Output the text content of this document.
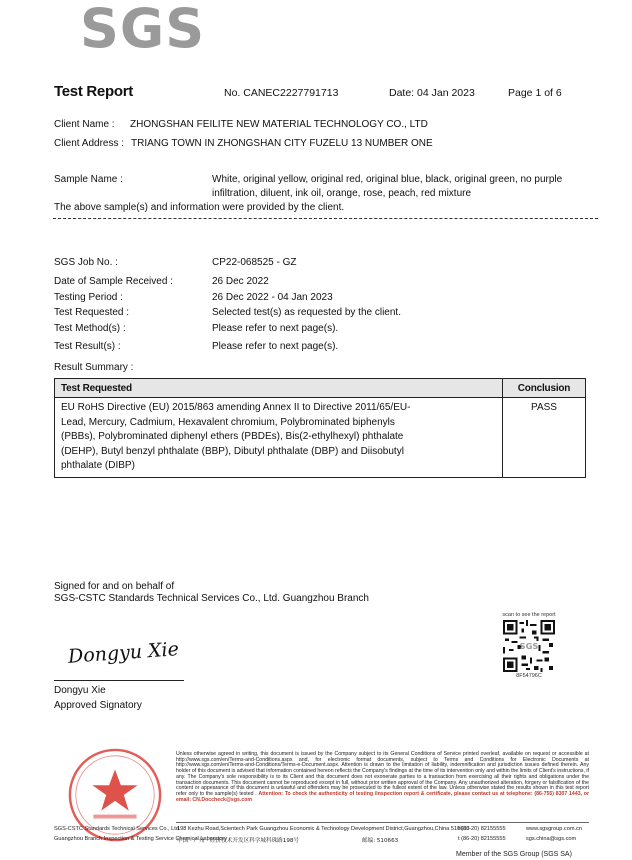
SGS
Test Report	No. CANEC2227791713	Date: 04 Jan 2023	Page 1 of 6
Client Name : ZHONGSHAN FEILITE NEW MATERIAL TECHNOLOGY CO., LTD
Client Address : TRIANG TOWN IN ZHONGSHAN CITY FUZELU 13 NUMBER ONE
Sample Name :	White, original yellow, original red, original blue, black, original green, no purple
infiltration, diluent, ink oil, orange, rose, peach, red mixture
The above sample(s) and information were provided by the client.
SGS Job No. :	CP22-068525 - GZ
Date of Sample Received :	26 Dec 2022
Testing Period :	26 Dec 2022 - 04 Jan 2023
Test Requested :	Selected test(s) as requested by the client.
Test Method(s) :	Please refer to next page(s).
Test Result(s) :	Please refer to next page(s).
Result Summary :
Test Requested	Conclusion

EU RoHS Directive (EU) 2015/863 amending Annex II to Directive 2011/65/EU-
Lead, Mercury, Cadmium, Hexavalent chromium, Polybrominated biphenyls
(PBBs), Polybrominated diphenyl ethers (PBDEs), Bis(2-ethylhexyl) phthalate
(DEHP), Butyl benzyl phthalate (BBP), Dibutyl phthalate (DBP) and Diisobutyl
phthalate (DIBP)	PASS
Signed for and on behalf of
SGS-CSTC Standards Technical Services Co., Ltd. Guangzhou Branch
Dongyu Xie
Dongyu Xie
Approved Signatory
scan to see the report
SGS
8F54796C
Unless otherwise agreed in writing, this document is issued by the Company subject to its General Conditions of Service printed overleaf, available on request or accessible at http://www.sgs.com/en/Terms-and-Conditions.aspx and, for electronic format documents, subject to Terms and Conditions for Electronic Documents at http://www.sgs.com/en/Terms-and-Conditions/Terms-e-Document.aspx. Attention is drawn to the limitation of liability, indemnification and jurisdiction issues defined therein. Any holder of this document is advised that information contained hereon reflects the Company's findings at the time of its intervention only and within the limits of Client's instructions, if any. The Company's sole responsibility is to its Client and this document does not exonerate parties to a transaction from exercising all their rights and obligations under the transaction documents. This document cannot be reproduced except in full, without prior written approval of the Company. Any unauthorized alteration, forgery or falsification of the content or appearance of this document is unlawful and offenders may be prosecuted to the fullest extent of the law. Unless otherwise stated the results shown in this test report refer only to the sample(s) tested . Attention: To check the authenticity of testing /inspection report & certificate, please contact us at telephone: (86-755) 8307 1443, or email: CN.Doccheck@sgs.com
SGS-CSTC Standards Technical Services Co., Ltd.
Guangzhou Branch Inspection & Testing Service Chemical Laboratory
198 Kezhu Road,Scientech Park Guangzhou Economic & Technology Development District,Guangzhou,China 510663
中国 · 广州 · 经济技术开发区科学城科珠路198号	邮编: 510663
t (86-20) 82155555	www.sgsgroup.com.cn
t (86-20) 82155555	sgs.china@sgs.com
Member of the SGS Group (SGS SA)
